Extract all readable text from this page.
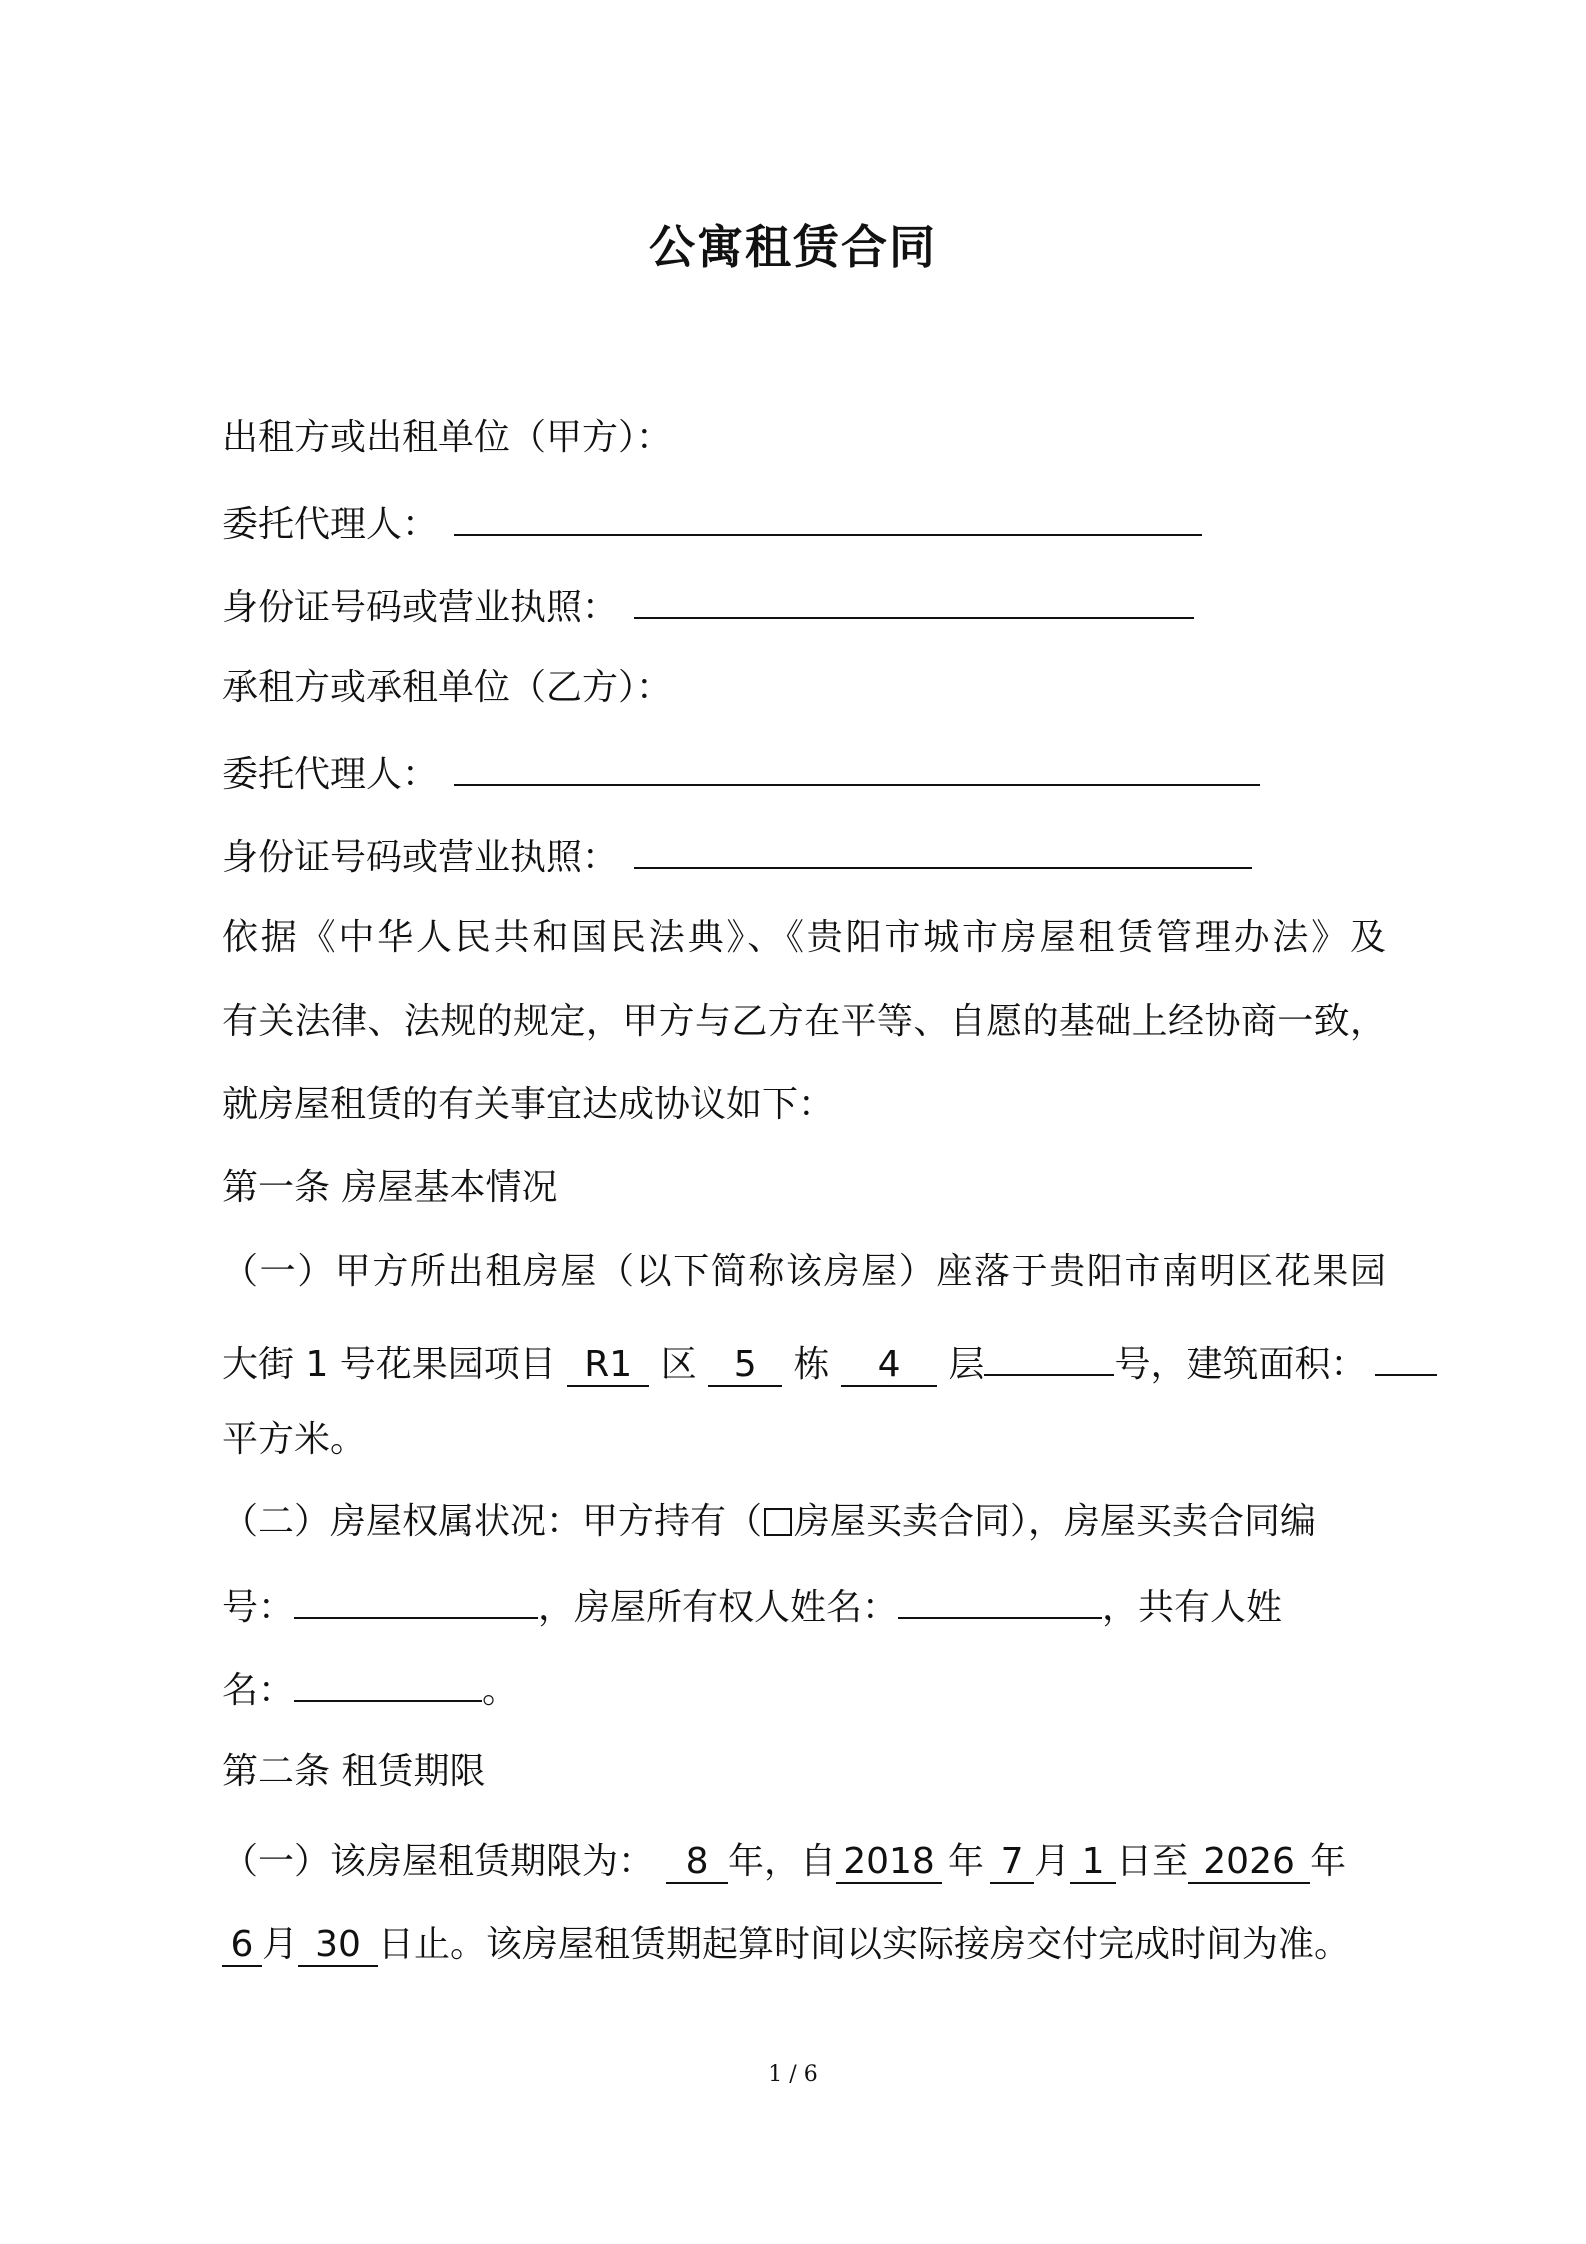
公寓租赁合同
出租方或出租单位（甲方）：
委托代理人：
身份证号码或营业执照：
承租方或承租单位（乙方）：
委托代理人：
身份证号码或营业执照：
依据《中华人民共和国民法典》、《贵阳市城市房屋租赁管理办法》及
有关法律、法规的规定，甲方与乙方在平等、自愿的基础上经协商一致，
就房屋租赁的有关事宜达成协议如下：
第一条 房屋基本情况
（一）甲方所出租房屋（以下简称该房屋）座落于贵阳市南明区花果园
大街 1 号花果园项目 R1 区 5 栋 4 层	号，建筑面积：
平方米。
（二）房屋权属状况：甲方持有（ 房屋买卖合同），房屋买卖合同编
号：	，房屋所有权人姓名：	，共有人姓
名：	。
第二条 租赁期限
（一）该房屋租赁期限为： 8 年，自 2018 年 7 月 1 日至 2026 年
6 月 30 日止。该房屋租赁期起算时间以实际接房交付完成时间为准。
1 / 6
